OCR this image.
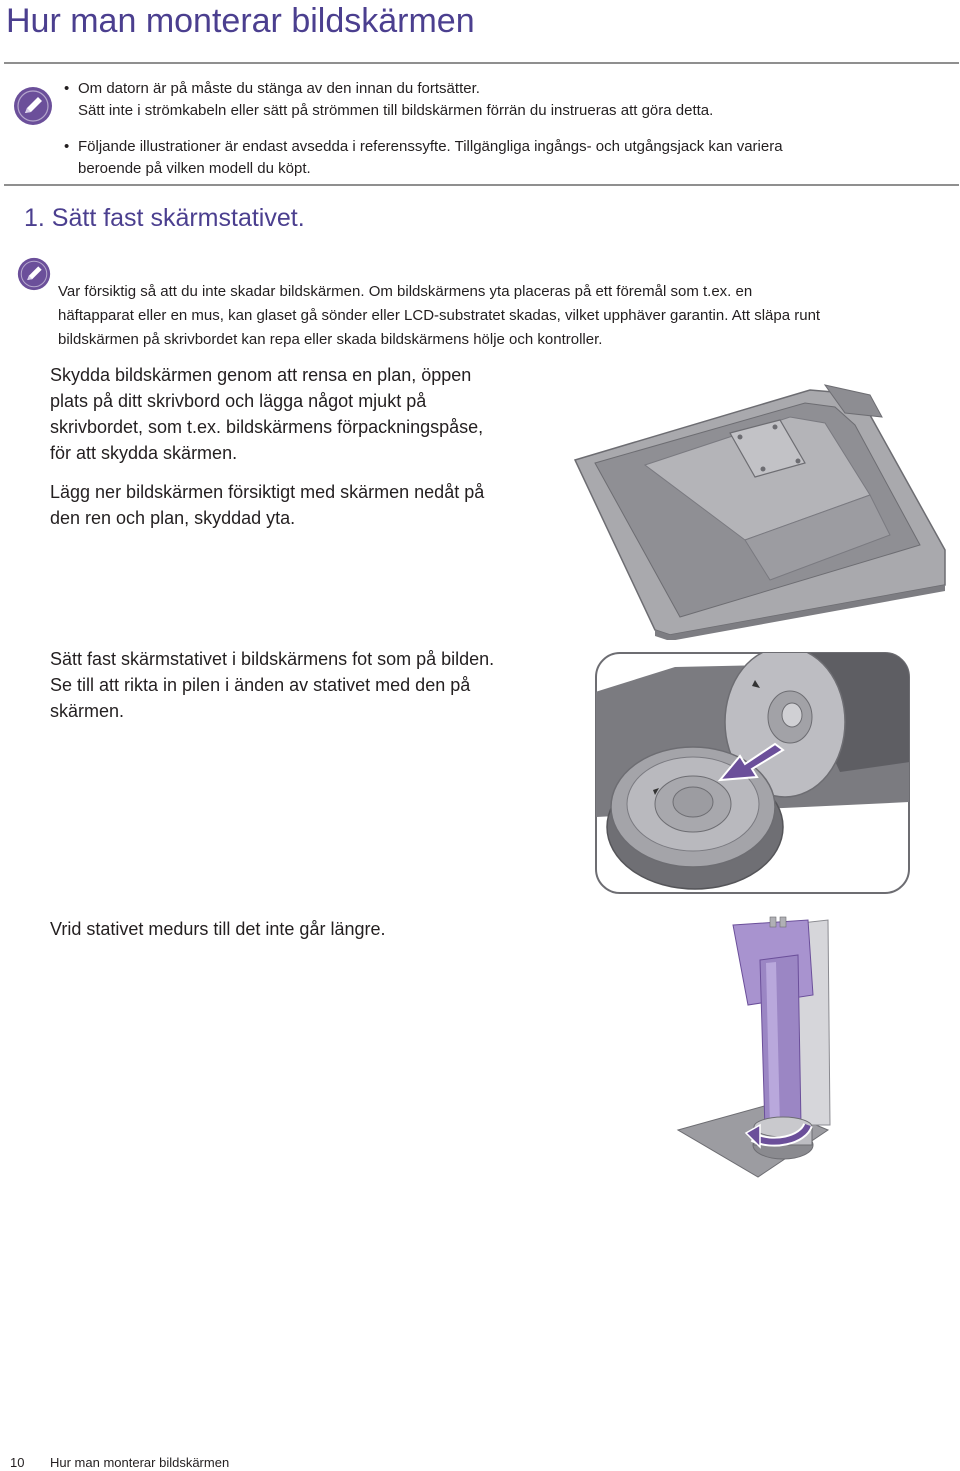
Hur man monterar bildskärmen
• Om datorn är på måste du stänga av den innan du fortsätter.
Sätt inte i strömkabeln eller sätt på strömmen till bildskärmen förrän du instrueras att göra detta.
• Följande illustrationer är endast avsedda i referenssyfte. Tillgängliga ingångs- och utgångsjack kan variera
beroende på vilken modell du köpt.
1. Sätt fast skärmstativet.
Var försiktig så att du inte skadar bildskärmen. Om bildskärmens yta placeras på ett föremål som t.ex. en
häftapparat eller en mus, kan glaset gå sönder eller LCD-substratet skadas, vilket upphäver garantin. Att släpa runt
bildskärmen på skrivbordet kan repa eller skada bildskärmens hölje och kontroller.
Skydda bildskärmen genom att rensa en plan, öppen
plats på ditt skrivbord och lägga något mjukt på
skrivbordet, som t.ex. bildskärmens förpackningspåse,
för att skydda skärmen.
Lägg ner bildskärmen försiktigt med skärmen nedåt på
den ren och plan, skyddad yta.
Sätt fast skärmstativet i bildskärmens fot som på bilden.
Se till att rikta in pilen i änden av stativet med den på
skärmen.
Vrid stativet medurs till det inte går längre.
10 Hur man monterar bildskärmen
